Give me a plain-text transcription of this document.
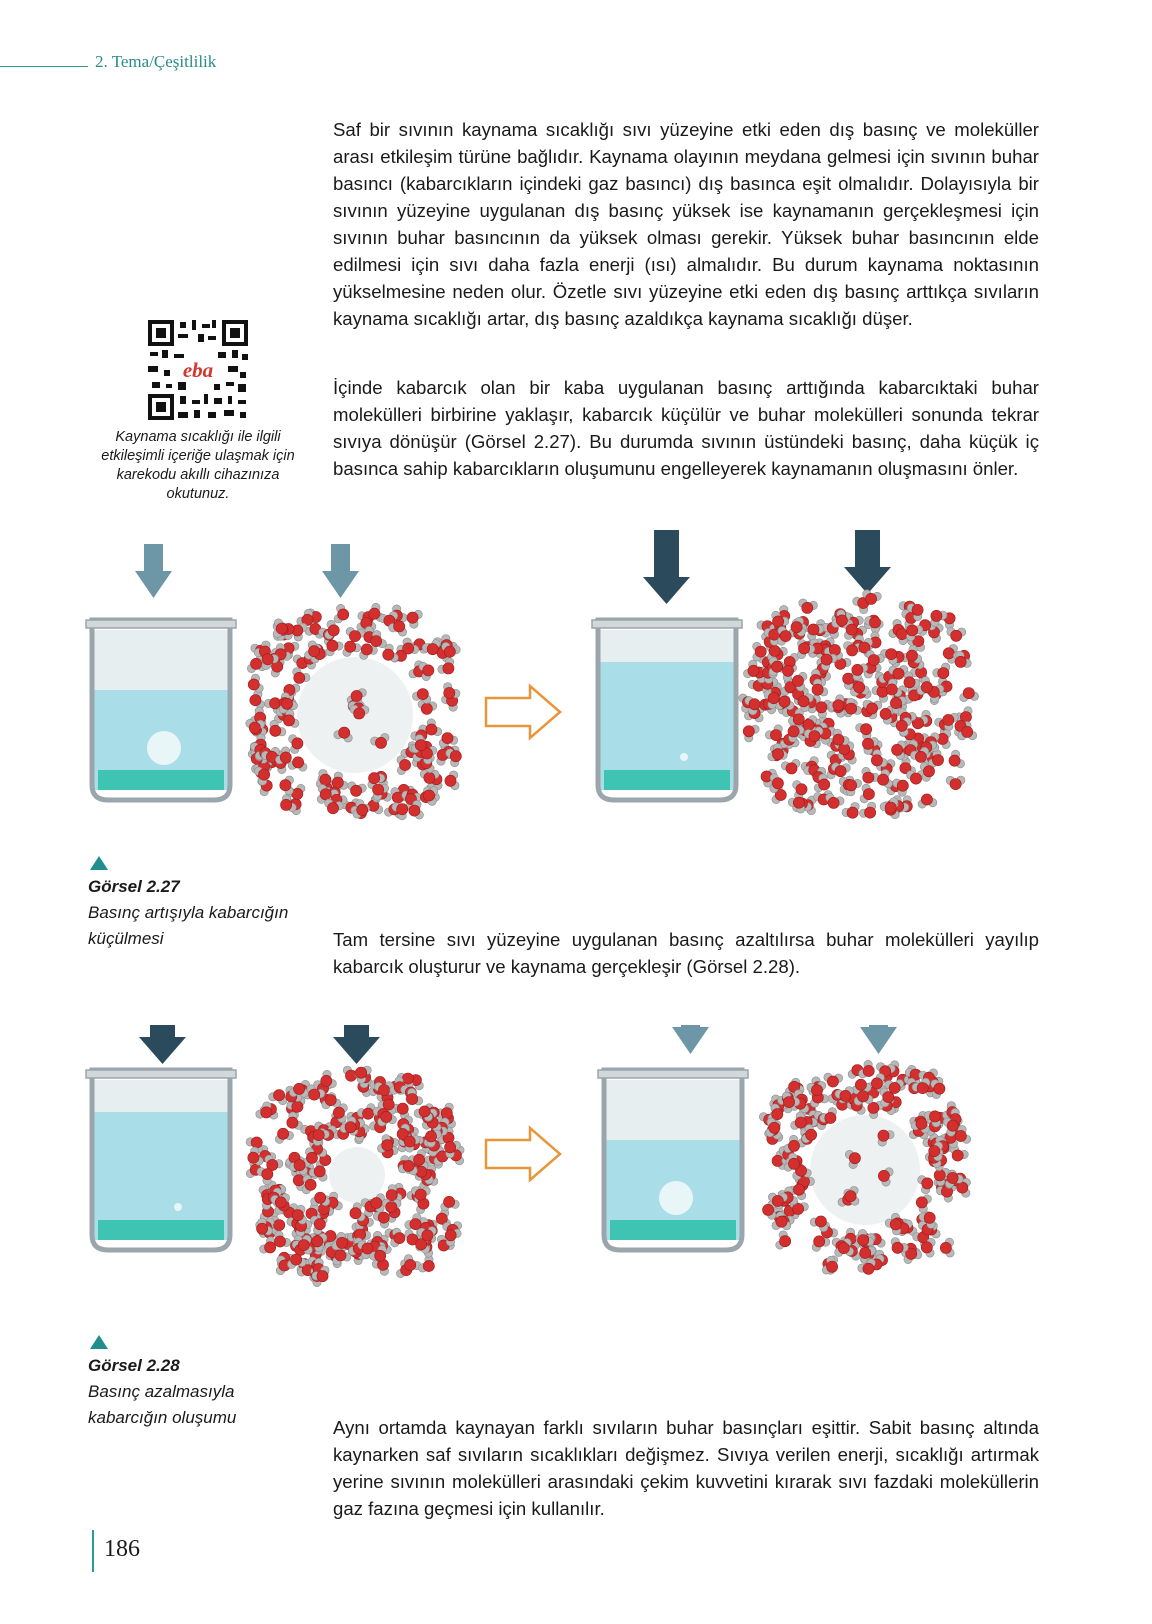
2. Tema/Çeşitlilik

Saf bir sıvının kaynama sıcaklığı sıvı yüzeyine etki eden dış basınç ve moleküller arası etkileşim türüne bağlıdır. Kaynama olayının meydana gelmesi için sıvının buhar basıncı (kabarcıkların içindeki gaz basıncı) dış basınca eşit olmalıdır. Dolayısıyla bir sıvının yüzeyine uygulanan dış basınç yüksek ise kaynamanın gerçekleşmesi için sıvının buhar basıncının da yüksek olması gerekir. Yüksek buhar basıncının elde edilmesi için sıvı daha fazla enerji (ısı) almalıdır. Bu durum kaynama noktasının yükselmesine neden olur. Özetle sıvı yüzeyine etki eden dış basınç arttıkça sıvıların kaynama sıcaklığı artar, dış basınç azaldıkça kaynama sıcaklığı düşer.

İçinde kabarcık olan bir kaba uygulanan basınç arttığında kabarcıktaki buhar molekülleri birbirine yaklaşır, kabarcık küçülür ve buhar molekülleri sonunda tekrar sıvıya dönüşür (Görsel 2.27). Bu durumda sıvının üstündeki basınç, daha küçük iç basınca sahip kabarcıkların oluşumunu engelleyerek kaynamanın oluşmasını önler.

eba

Kaynama sıcaklığı ile ilgili etkileşimli içeriğe ulaşmak için karekodu akıllı cihazınıza okutunuz.

Görsel 2.27
Basınç artışıyla kabarcığın küçülmesi	Tam tersine sıvı yüzeyine uygulanan basınç azaltılırsa buhar molekülleri yayılıp kabarcık oluşturur ve kaynama gerçekleşir (Görsel 2.28).

Görsel 2.28
Basınç azalmasıyla kabarcığın oluşumu	Aynı ortamda kaynayan farklı sıvıların buhar basınçları eşittir. Sabit basınç altında kaynarken saf sıvıların sıcaklıkları değişmez. Sıvıya verilen enerji, sıcaklığı artırmak yerine sıvının molekülleri arasındaki çekim kuvvetini kırarak sıvı fazdaki moleküllerin gaz fazına geçmesi için kullanılır.

186
